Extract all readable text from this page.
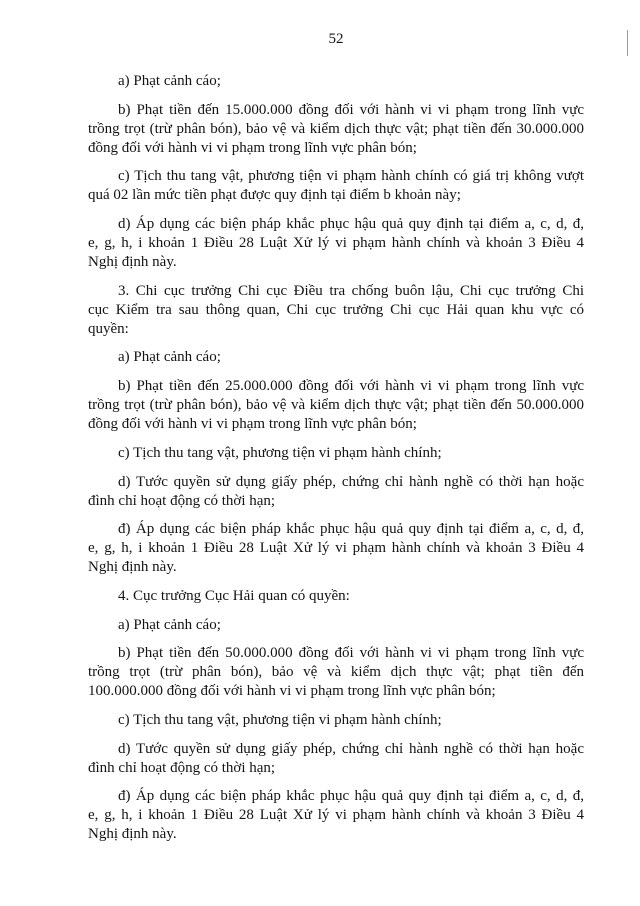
52
a) Phạt cảnh cáo;
b) Phạt tiền đến 15.000.000 đồng đối với hành vi vi phạm trong lĩnh vực
trồng trọt (trừ phân bón), bảo vệ và kiểm dịch thực vật; phạt tiền đến 30.000.000
đồng đối với hành vi vi phạm trong lĩnh vực phân bón;
c) Tịch thu tang vật, phương tiện vi phạm hành chính có giá trị không vượt
quá 02 lần mức tiền phạt được quy định tại điểm b khoản này;
d) Áp dụng các biện pháp khắc phục hậu quả quy định tại điểm a, c, d, đ,
e, g, h, i khoản 1 Điều 28 Luật Xử lý vi phạm hành chính và khoản 3 Điều 4
Nghị định này.
3. Chi cục trưởng Chi cục Điều tra chống buôn lậu, Chi cục trưởng Chi
cục Kiểm tra sau thông quan, Chi cục trưởng Chi cục Hải quan khu vực có
quyền:
a) Phạt cảnh cáo;
b) Phạt tiền đến 25.000.000 đồng đối với hành vi vi phạm trong lĩnh vực
trồng trọt (trừ phân bón), bảo vệ và kiểm dịch thực vật; phạt tiền đến 50.000.000
đồng đối với hành vi vi phạm trong lĩnh vực phân bón;
c) Tịch thu tang vật, phương tiện vi phạm hành chính;
d) Tước quyền sử dụng giấy phép, chứng chỉ hành nghề có thời hạn hoặc
đình chỉ hoạt động có thời hạn;
đ) Áp dụng các biện pháp khắc phục hậu quả quy định tại điểm a, c, d, đ,
e, g, h, i khoản 1 Điều 28 Luật Xử lý vi phạm hành chính và khoản 3 Điều 4
Nghị định này.
4. Cục trưởng Cục Hải quan có quyền:
a) Phạt cảnh cáo;
b) Phạt tiền đến 50.000.000 đồng đối với hành vi vi phạm trong lĩnh vực
trồng trọt (trừ phân bón), bảo vệ và kiểm dịch thực vật; phạt tiền đến
100.000.000 đồng đối với hành vi vi phạm trong lĩnh vực phân bón;
c) Tịch thu tang vật, phương tiện vi phạm hành chính;
d) Tước quyền sử dụng giấy phép, chứng chỉ hành nghề có thời hạn hoặc
đình chỉ hoạt động có thời hạn;
đ) Áp dụng các biện pháp khắc phục hậu quả quy định tại điểm a, c, d, đ,
e, g, h, i khoản 1 Điều 28 Luật Xử lý vi phạm hành chính và khoản 3 Điều 4
Nghị định này.
